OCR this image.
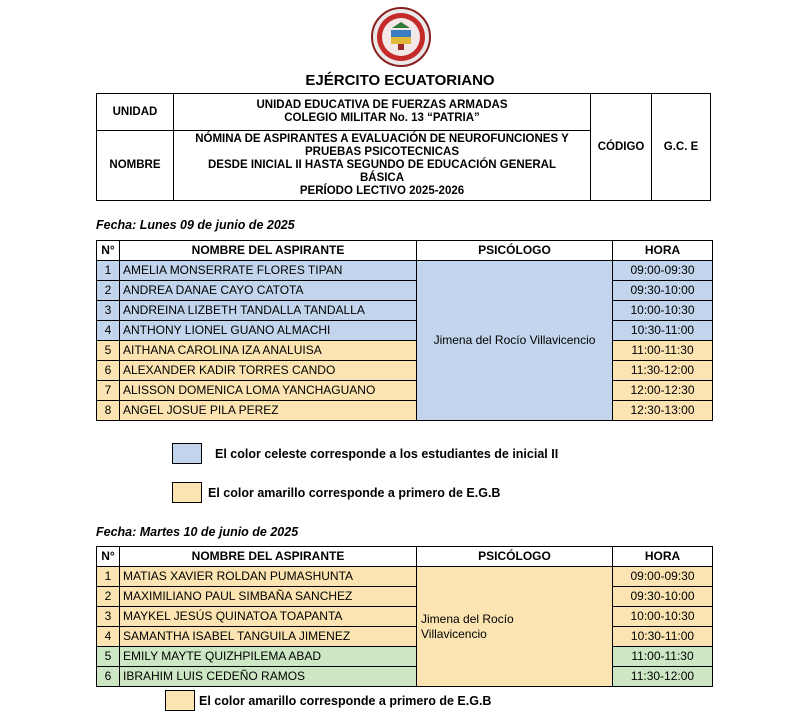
EJÉRCITO ECUATORIANO
UNIDAD	UNIDAD EDUCATIVA DE FUERZAS ARMADAS
COLEGIO MILITAR No. 13 “PATRIA”	CÓDIGO	G.C. E
NOMBRE	NÓMINA DE ASPIRANTES A EVALUACIÓN DE NEUROFUNCIONES Y
PRUEBAS PSICOTECNICAS
DESDE INICIAL II HASTA SEGUNDO DE EDUCACIÓN GENERAL
BÁSICA
PERÍODO LECTIVO 2025-2026		
Fecha: Lunes 09 de junio de 2025
N°	NOMBRE DEL ASPIRANTE	PSICÓLOGO	HORA
1	AMELIA MONSERRATE FLORES TIPAN	Jimena del Rocío Villavicencio	09:00-09:30
2	ANDREA DANAE CAYO CATOTA		09:30-10:00
3	ANDREINA LIZBETH TANDALLA TANDALLA		10:00-10:30
4	ANTHONY LIONEL GUANO ALMACHI		10:30-11:00
5	AITHANA CAROLINA IZA ANALUISA		11:00-11:30
6	ALEXANDER KADIR TORRES CANDO		11:30-12:00
7	ALISSON DOMENICA LOMA YANCHAGUANO		12:00-12:30
8	ANGEL JOSUE PILA PEREZ		12:30-13:00
El color celeste corresponde a los estudiantes de inicial II
El color amarillo corresponde a primero de E.G.B
Fecha: Martes 10 de junio de 2025
N°	NOMBRE DEL ASPIRANTE	PSICÓLOGO	HORA
1	MATIAS XAVIER ROLDAN PUMASHUNTA	Jimena del Rocío
Villavicencio	09:00-09:30
2	MAXIMILIANO PAUL SIMBAÑA SANCHEZ		09:30-10:00
3	MAYKEL JESÚS QUINATOA TOAPANTA		10:00-10:30
4	SAMANTHA ISABEL TANGUILA JIMENEZ		10:30-11:00
5	EMILY MAYTE QUIZHPILEMA ABAD		11:00-11:30
6	IBRAHIM LUIS CEDEÑO RAMOS		11:30-12:00
El color amarillo corresponde a primero de E.G.B
